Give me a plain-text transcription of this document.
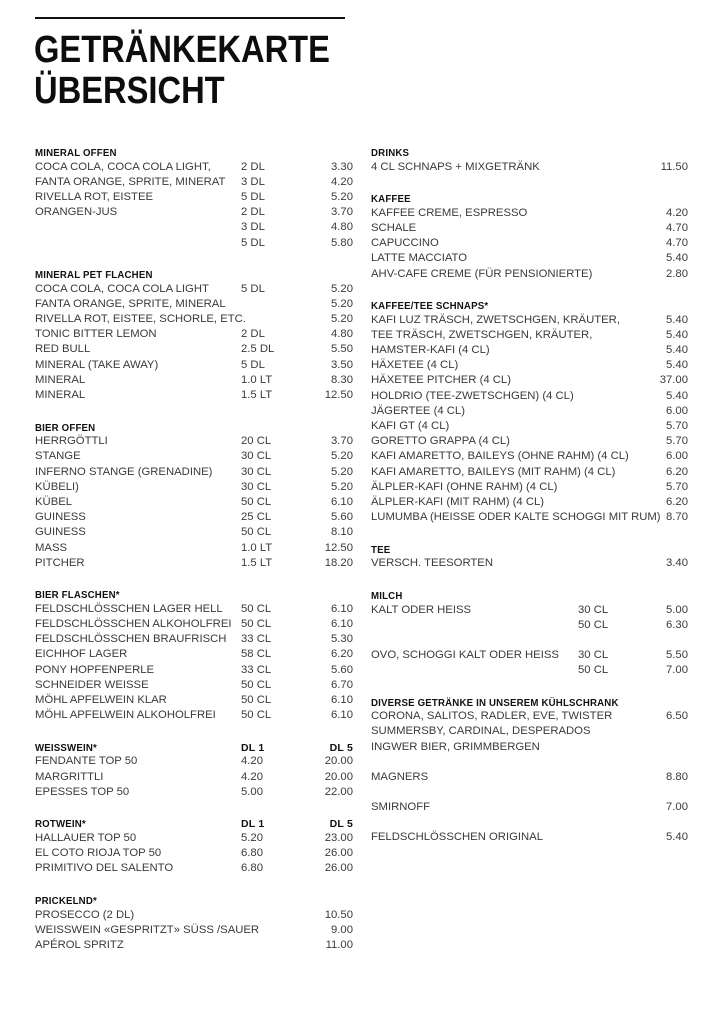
GETRÄNKEKARTE
ÜBERSICHT
MINERAL OFFEN
COCA COLA, COCA COLA LIGHT,	2 DL	3.30
FANTA ORANGE, SPRITE, MINERAT	3 DL	4.20
RIVELLA ROT, EISTEE	5 DL	5.20
ORANGEN-JUS	2 DL	3.70
3 DL	4.80
5 DL	5.80
MINERAL PET FLACHEN
COCA COLA, COCA COLA LIGHT	5 DL	5.20
FANTA ORANGE, SPRITE, MINERAL	5.20
RIVELLA ROT, EISTEE, SCHORLE, ETC.	5.20
TONIC BITTER LEMON	2 DL	4.80
RED BULL	2.5 DL	5.50
MINERAL (TAKE AWAY)	5 DL	3.50
MINERAL	1.0 LT	8.30
MINERAL	1.5 LT	12.50
BIER OFFEN
HERRGÖTTLI	20 CL	3.70
STANGE	30 CL	5.20
INFERNO STANGE (GRENADINE)	30 CL	5.20
KÜBELI)	30 CL	5.20
KÜBEL	50 CL	6.10
GUINESS	25 CL	5.60
GUINESS	50 CL	8.10
MASS	1.0 LT	12.50
PITCHER	1.5 LT	18.20
BIER FLASCHEN*
FELDSCHLÖSSCHEN LAGER HELL	50 CL	6.10
FELDSCHLÖSSCHEN ALKOHOLFREI 50 CL	6.10
FELDSCHLÖSSCHEN BRAUFRISCH	33 CL	5.30
EICHHOF LAGER	58 CL	6.20
PONY HOPFENPERLE	33 CL	5.60
SCHNEIDER WEISSE	50 CL	6.70
MÖHL APFELWEIN KLAR	50 CL	6.10
MÖHL APFELWEIN ALKOHOLFREI	50 CL	6.10
WEISSWEIN*	DL 1	DL 5
FENDANTE TOP 50	4.20	20.00
MARGRITTLI	4.20	20.00
EPESSES TOP 50	5.00	22.00
ROTWEIN*	DL 1	DL 5
HALLAUER TOP 50	5.20	23.00
EL COTO RIOJA TOP 50	6.80	26.00
PRIMITIVO DEL SALENTO	6.80	26.00
PRICKELND*
PROSECCO (2 DL)	10.50
WEISSWEIN «GESPRITZT» SÜSS /SAUER	9.00
APÉROL SPRITZ	11.00
DRINKS
4 CL SCHNAPS + MIXGETRÄNK	11.50
KAFFEE
KAFFEE CREME, ESPRESSO	4.20
SCHALE	4.70
CAPUCCINO	4.70
LATTE MACCIATO	5.40
AHV-CAFE CREME (FÜR PENSIONIERTE)	2.80
KAFFEE/TEE SCHNAPS*
KAFI LUZ TRÄSCH, ZWETSCHGEN, KRÄUTER,	5.40
TEE TRÄSCH, ZWETSCHGEN, KRÄUTER,	5.40
HAMSTER-KAFI (4 CL)	5.40
HÄXETEE (4 CL)	5.40
HÄXETEE PITCHER (4 CL)	37.00
HOLDRIO (TEE-ZWETSCHGEN) (4 CL)	5.40
JÄGERTEE (4 CL)	6.00
KAFI GT (4 CL)	5.70
GORETTO GRAPPA (4 CL)	5.70
KAFI AMARETTO, BAILEYS (OHNE RAHM) (4 CL)	6.00
KAFI AMARETTO, BAILEYS (MIT RAHM) (4 CL)	6.20
ÄLPLER-KAFI (OHNE RAHM) (4 CL)	5.70
ÄLPLER-KAFI (MIT RAHM) (4 CL)	6.20
LUMUMBA (HEISSE ODER KALTE SCHOGGI MIT RUM) 8.70
TEE
VERSCH. TEESORTEN	3.40
MILCH
KALT ODER HEISS	30 CL	5.00
50 CL	6.30
OVO, SCHOGGI KALT ODER HEISS	30 CL	5.50
50 CL	7.00
DIVERSE GETRÄNKE IN UNSEREM KÜHLSCHRANK
CORONA, SALITOS, RADLER, EVE, TWISTER	6.50
SUMMERSBY, CARDINAL, DESPERADOS
INGWER BIER, GRIMMBERGEN
MAGNERS	8.80
SMIRNOFF	7.00
FELDSCHLÖSSCHEN ORIGINAL	5.40
